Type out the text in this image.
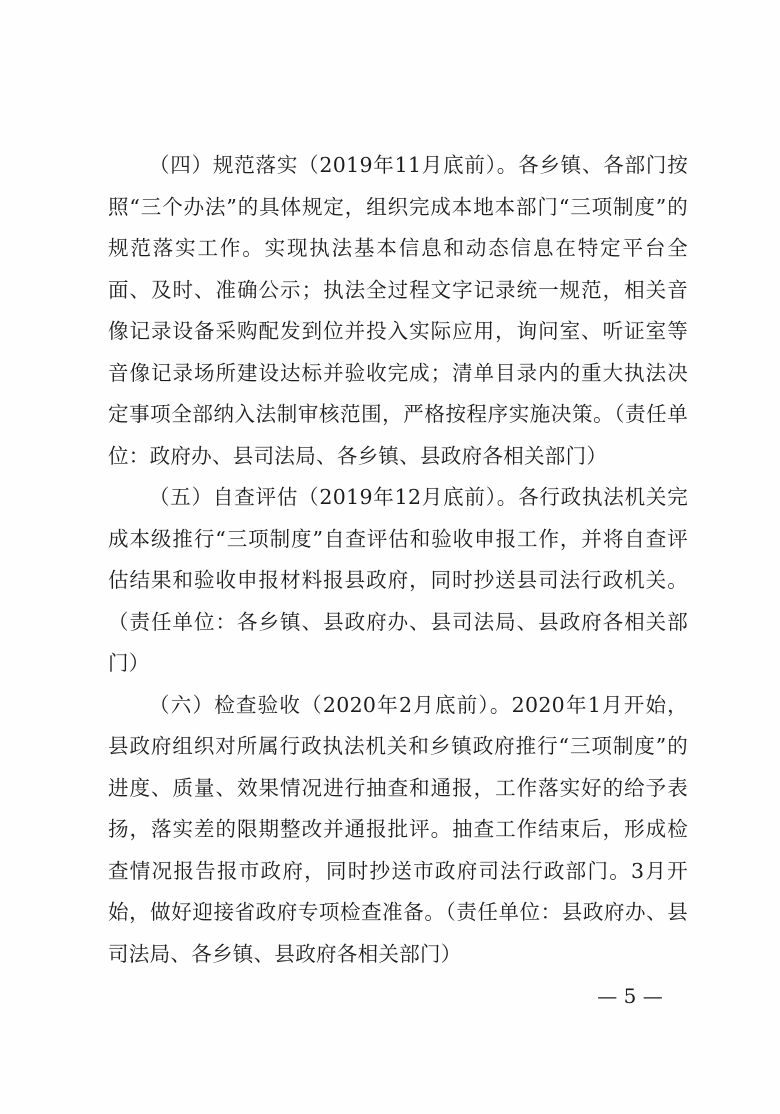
（四）规范落实（2019年11月底前）。各乡镇、各部门按照“三个办法”的具体规定，组织完成本地本部门“三项制度”的规范落实工作。实现执法基本信息和动态信息在特定平台全面、及时、准确公示；执法全过程文字记录统一规范，相关音像记录设备采购配发到位并投入实际应用，询问室、听证室等音像记录场所建设达标并验收完成；清单目录内的重大执法决定事项全部纳入法制审核范围，严格按程序实施决策。（责任单位：政府办、县司法局、各乡镇、县政府各相关部门）

（五）自查评估（2019年12月底前）。各行政执法机关完成本级推行“三项制度”自查评估和验收申报工作，并将自查评估结果和验收申报材料报县政府，同时抄送县司法行政机关。（责任单位：各乡镇、县政府办、县司法局、县政府各相关部门）

（六）检查验收（2020年2月底前）。2020年1月开始，县政府组织对所属行政执法机关和乡镇政府推行“三项制度”的进度、质量、效果情况进行抽查和通报，工作落实好的给予表扬，落实差的限期整改并通报批评。抽查工作结束后，形成检查情况报告报市政府，同时抄送市政府司法行政部门。3月开始，做好迎接省政府专项检查准备。（责任单位：县政府办、县司法局、各乡镇、县政府各相关部门）

— 5 —
